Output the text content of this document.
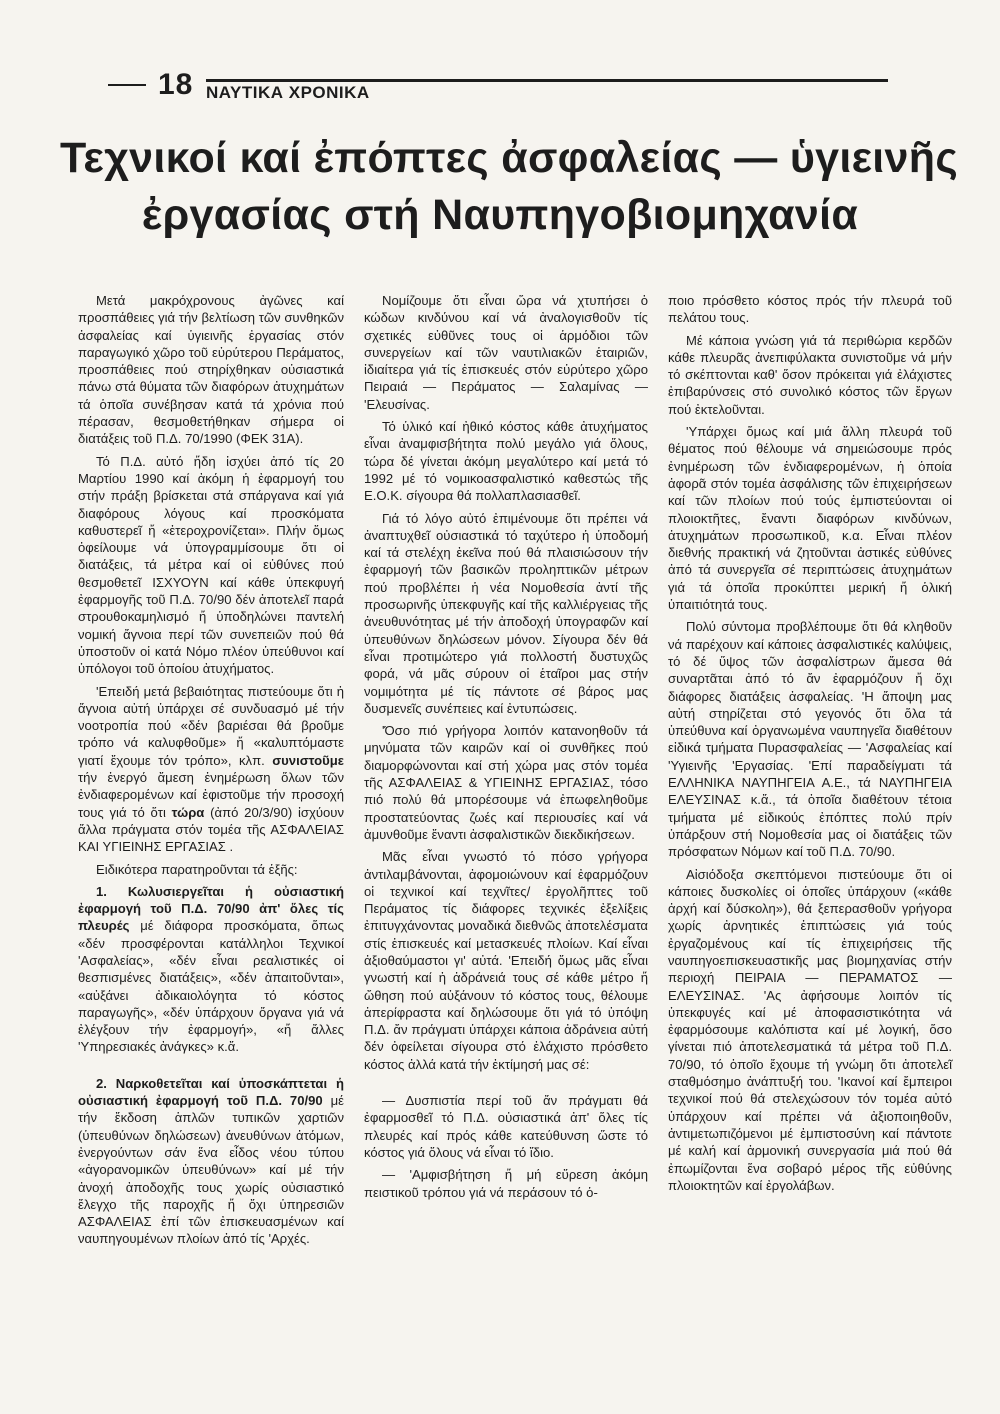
18 ΝΑΥΤΙΚΑ ΧΡΟΝΙΚΑ
Τεχνικοί καί ἐπόπτες ἀσφαλείας — ὑγιεινῆς
ἐργασίας στή Ναυπηγοβιομηχανία

Μετά μακρόχρονους ἀγῶνες καί προσπάθειες γιά τήν βελτίωση τῶν συνθηκῶν ἀσφαλείας καί ὑγιεινῆς ἐργασίας στόν παραγωγικό χῶρο τοῦ εὐρύτερου Περάματος, προσπάθειες πού στηρίχθηκαν οὐσιαστικά πάνω στά θύματα τῶν διαφόρων ἀτυχημάτων τά ὁποῖα συνέβησαν κατά τά χρόνια πού πέρασαν, θεσμοθετήθηκαν σήμερα οἱ διατάξεις τοῦ Π.Δ. 70/1990 (ΦΕΚ 31Α).

Τό Π.Δ. αὐτό ἤδη ἰσχύει ἀπό τίς 20 Μαρτίου 1990 καί ἀκόμη ἡ ἐφαρμογή του στήν πράξη βρίσκεται στά σπάργανα καί γιά διαφόρους λόγους καί προσκόματα καθυστερεῖ ἤ «ἑτεροχρονίζεται». Πλήν ὅμως ὀφείλουμε νά ὑπογραμμίσουμε ὅτι οἱ διατάξεις, τά μέτρα καί οἱ εὐθύνες πού θεσμοθετεῖ ΙΣΧΥΟΥΝ καί κάθε ὑπεκφυγή ἐφαρμογῆς τοῦ Π.Δ. 70/90 δέν ἀποτελεῖ παρά στρουθοκαμηλισμό ἤ ὑποδηλώνει παντελή νομική ἄγνοια περί τῶν συνεπειῶν πού θά ὑποστοῦν οἱ κατά Νόμο πλέον ὑπεύθυνοι καί ὑπόλογοι τοῦ ὁποίου ἀτυχήματος.

'Επειδή μετά βεβαιότητας πιστεύουμε ὅτι ἡ ἄγνοια αὐτή ὑπάρχει σέ συνδυασμό μέ τήν νοοτροπία πού «δέν βαριέσαι θά βροῦμε τρόπο νά καλυφθοῦμε» ἤ «καλυπτόμαστε γιατί ἔχουμε τόν τρόπο», κλπ. συνιστοῦμε τήν ἐνεργό ἄμεση ἐνημέρωση ὅλων τῶν ἐνδιαφερομένων καί ἐφιστοῦμε τήν προσοχή τους γιά τό ὅτι τώρα (ἀπό 20/3/90) ἰσχύουν ἄλλα πράγματα στόν τομέα τῆς ΑΣΦΑΛΕΙΑΣ ΚΑΙ ΥΓΙΕΙΝΗΣ ΕΡΓΑΣΙΑΣ .

Ειδικότερα παρατηροῦνται τά ἑξῆς:

1. Κωλυσιεργεῖται ἡ οὐσιαστική ἐφαρμογή τοῦ Π.Δ. 70/90 ἀπ' ὅλες τίς πλευρές μέ διάφορα προσκόματα, ὅπως «δέν προσφέρονται κατάλληλοι Τεχνικοί 'Ασφαλείας», «δέν εἶναι ρεαλιστικές οἱ θεσπισμένες διατάξεις», «δέν ἀπαιτοῦνται», «αὐξάνει ἀδικαιολόγητα τό κόστος παραγωγῆς», «δέν ὑπάρχουν ὄργανα γιά νά ἐλέγξουν τήν ἐφαρμογή», «ἤ ἄλλες 'Υπηρεσιακές ἀνάγκες» κ.ἄ.

2. Ναρκοθετεῖται καί ὑποσκάπτεται ἡ οὐσιαστική ἐφαρμογή τοῦ Π.Δ. 70/90 μέ τήν ἔκδοση ἁπλῶν τυπικῶν χαρτιῶν (ὑπευθύνων δηλώσεων) ἀνευθύνων ἀτόμων, ἐνεργούντων σάν ἕνα εἶδος νέου τύπου «ἀγορανομικῶν ὑπευθύνων» καί μέ τήν ἀνοχή ἀποδοχῆς τους χωρίς οὐσιαστικό ἔλεγχο τῆς παροχῆς ἤ ὄχι ὑπηρεσιῶν ΑΣΦΑΛΕΙΑΣ ἐπί τῶν ἐπισκευασμένων καί ναυπηγουμένων πλοίων ἀπό τίς 'Αρχές.

Νομίζουμε ὅτι εἶναι ὥρα νά χτυπήσει ὁ κώδων κινδύνου καί νά ἀναλογισθοῦν τίς σχετικές εὐθῦνες τους οἱ ἁρμόδιοι τῶν συνεργείων καί τῶν ναυτιλιακῶν ἑταιριῶν, ἰδιαίτερα γιά τίς ἐπισκευές στόν εὐρύτερο χῶρο Πειραιά — Περάματος — Σαλαμίνας — 'Ελευσίνας.

Τό ὑλικό καί ἠθικό κόστος κάθε ἀτυχήματος εἶναι ἀναμφισβήτητα πολύ μεγάλο γιά ὅλους, τώρα δέ γίνεται ἀκόμη μεγαλύτερο καί μετά τό 1992 μέ τό νομικοασφαλιστικό καθεστώς τῆς Ε.Ο.Κ. σίγουρα θά πολλαπλασιασθεῖ.

Γιά τό λόγο αὐτό ἐπιμένουμε ὅτι πρέπει νά ἀναπτυχθεῖ οὐσιαστικά τό ταχύτερο ἡ ὑποδομή καί τά στελέχη ἐκεῖνα πού θά πλαισιώσουν τήν ἐφαρμογή τῶν βασικῶν προληπτικῶν μέτρων πού προβλέπει ἡ νέα Νομοθεσία ἀντί τῆς προσωρινῆς ὑπεκφυγῆς καί τῆς καλλιέργειας τῆς ἀνευθυνότητας μέ τήν ἀποδοχή ὑπογραφῶν καί ὑπευθύνων δηλώσεων μόνον. Σίγουρα δέν θά εἶναι προτιμώτερο γιά πολλοστή δυστυχῶς φορά, νά μᾶς σύρουν οἱ ἑταῖροι μας στήν νομιμότητα μέ τίς πάντοτε σέ βάρος μας δυσμενεῖς συνέπειες καί ἐντυπώσεις.

'Όσο πιό γρήγορα λοιπόν κατανοηθοῦν τά μηνύματα τῶν καιρῶν καί οἱ συνθῆκες πού διαμορφώνονται καί στή χώρα μας στόν τομέα τῆς ΑΣΦΑΛΕΙΑΣ & ΥΓΙΕΙΝΗΣ ΕΡΓΑΣΙΑΣ, τόσο πιό πολύ θά μπορέσουμε νά ἐπωφεληθοῦμε προστατεύοντας ζωές καί περιουσίες καί νά ἀμυνθοῦμε ἔναντι ἀσφαλιστικῶν διεκδικήσεων.

Μᾶς εἶναι γνωστό τό πόσο γρήγορα ἀντιλαμβάνονται, ἀφομοιώνουν καί ἐφαρμόζουν οἱ τεχνικοί καί τεχνῖτες/ ἐργολῆπτες τοῦ Περάματος τίς διάφορες τεχνικές ἐξελίξεις ἐπιτυγχάνοντας μοναδικά διεθνῶς ἀποτελέσματα στίς ἐπισκευές καί μετασκευές πλοίων. Καί εἶναι ἀξιοθαύμαστοι γι' αὐτά. 'Επειδή ὅμως μᾶς εἶναι γνωστή καί ἡ ἀδράνειά τους σέ κάθε μέτρο ἤ ὤθηση πού αὐξάνουν τό κόστος τους, θέλουμε ἀπερίφραστα καί δηλώσουμε ὅτι γιά τό ὑπόψη Π.Δ. ἄν πράγματι ὑπάρχει κάποια ἀδράνεια αὐτή δέν ὀφείλεται σίγουρα στό ἐλάχιστο πρόσθετο κόστος ἀλλά κατά τήν ἐκτίμησή μας σέ:

— Δυσπιστία περί τοῦ ἄν πράγματι θά ἐφαρμοσθεῖ τό Π.Δ. οὐσιαστικά ἀπ' ὅλες τίς πλευρές καί πρός κάθε κατεύθυνση ὥστε τό κόστος γιά ὅλους νά εἶναι τό ἴδιο.

— 'Αμφισβήτηση ἤ μή εὕρεση ἀκόμη πειστικοῦ τρόπου γιά νά περάσουν τό ὁ-

ποιο πρόσθετο κόστος πρός τήν πλευρά τοῦ πελάτου τους.

Μέ κάποια γνώση γιά τά περιθώρια κερδῶν κάθε πλευρᾶς ἀνεπιφύλακτα συνιστοῦμε νά μήν τό σκέπτονται καθ' ὅσον πρόκειται γιά ἐλάχιστες ἐπιβαρύνσεις στό συνολικό κόστος τῶν ἔργων πού ἐκτελοῦνται.

'Υπάρχει ὅμως καί μιά ἄλλη πλευρά τοῦ θέματος πού θέλουμε νά σημειώσουμε πρός ἐνημέρωση τῶν ἐνδιαφερομένων, ἡ ὁποία ἀφορᾶ στόν τομέα ἀσφάλισης τῶν ἐπιχειρήσεων καί τῶν πλοίων πού τούς ἐμπιστεύονται οἱ πλοιοκτῆτες, ἔναντι διαφόρων κινδύνων, ἀτυχημάτων προσωπικοῦ, κ.α. Εἶναι πλέον διεθνής πρακτική νά ζητοῦνται ἀστικές εὐθύνες ἀπό τά συνεργεῖα σέ περιπτώσεις ἀτυχημάτων γιά τά ὁποῖα προκύπτει μερική ἤ ὁλική ὑπαιτιότητά τους.

Πολύ σύντομα προβλέπουμε ὅτι θά κληθοῦν νά παρέχουν καί κάποιες ἀσφαλιστικές καλύψεις, τό δέ ὕψος τῶν ἀσφαλίστρων ἄμεσα θά συναρτᾶται ἀπό τό ἄν ἐφαρμόζουν ἤ ὄχι διάφορες διατάξεις ἀσφαλείας. 'Η ἄποψη μας αὐτή στηρίζεται στό γεγονός ὅτι ὅλα τά ὑπεύθυνα καί ὀργανωμένα ναυπηγεῖα διαθέτουν εἰδικά τμήματα Πυρασφαλείας — 'Ασφαλείας καί 'Υγιεινῆς 'Εργασίας. 'Επί παραδείγματι τά ΕΛΛΗΝΙΚΑ ΝΑΥΠΗΓΕΙΑ Α.Ε., τά ΝΑΥΠΗΓΕΙΑ ΕΛΕΥΣΙΝΑΣ κ.ἄ., τά ὁποῖα διαθέτουν τέτοια τμήματα μέ εἰδικούς ἐπόπτες πολύ πρίν ὑπάρξουν στή Νομοθεσία μας οἱ διατάξεις τῶν πρόσφατων Νόμων καί τοῦ Π.Δ. 70/90.

Αἰσιόδοξα σκεπτόμενοι πιστεύουμε ὅτι οἱ κάποιες δυσκολίες οἱ ὁποῖες ὑπάρχουν («κάθε ἀρχή καί δύσκολη»), θά ξεπερασθοῦν γρήγορα χωρίς ἀρνητικές ἐπιπτώσεις γιά τούς ἐργαζομένους καί τίς ἐπιχειρήσεις τῆς ναυπηγοεπισκευαστικῆς μας βιομηχανίας στήν περιοχή ΠΕΙΡΑΙΑ — ΠΕΡΑΜΑΤΟΣ — ΕΛΕΥΣΙΝΑΣ. 'Ας ἀφήσουμε λοιπόν τίς ὑπεκφυγές καί μέ ἀποφασιστικότητα νά ἐφαρμόσουμε καλόπιστα καί μέ λογική, ὅσο γίνεται πιό ἀποτελεσματικά τά μέτρα τοῦ Π.Δ. 70/90, τό ὁποῖο ἔχουμε τή γνώμη ὅτι ἀποτελεῖ σταθμόσημο ἀνάπτυξή του. 'Ικανοί καί ἔμπειροι τεχνικοί πού θά στελεχώσουν τόν τομέα αὐτό ὑπάρχουν καί πρέπει νά ἀξιοποιηθοῦν, ἀντιμετωπιζόμενοι μέ ἐμπιστοσύνη καί πάντοτε μέ καλή καί ἁρμονική συνεργασία μιά πού θά ἐπωμίζονται ἕνα σοβαρό μέρος τῆς εὐθύνης πλοιοκτητῶν καί ἐργολάβων.
